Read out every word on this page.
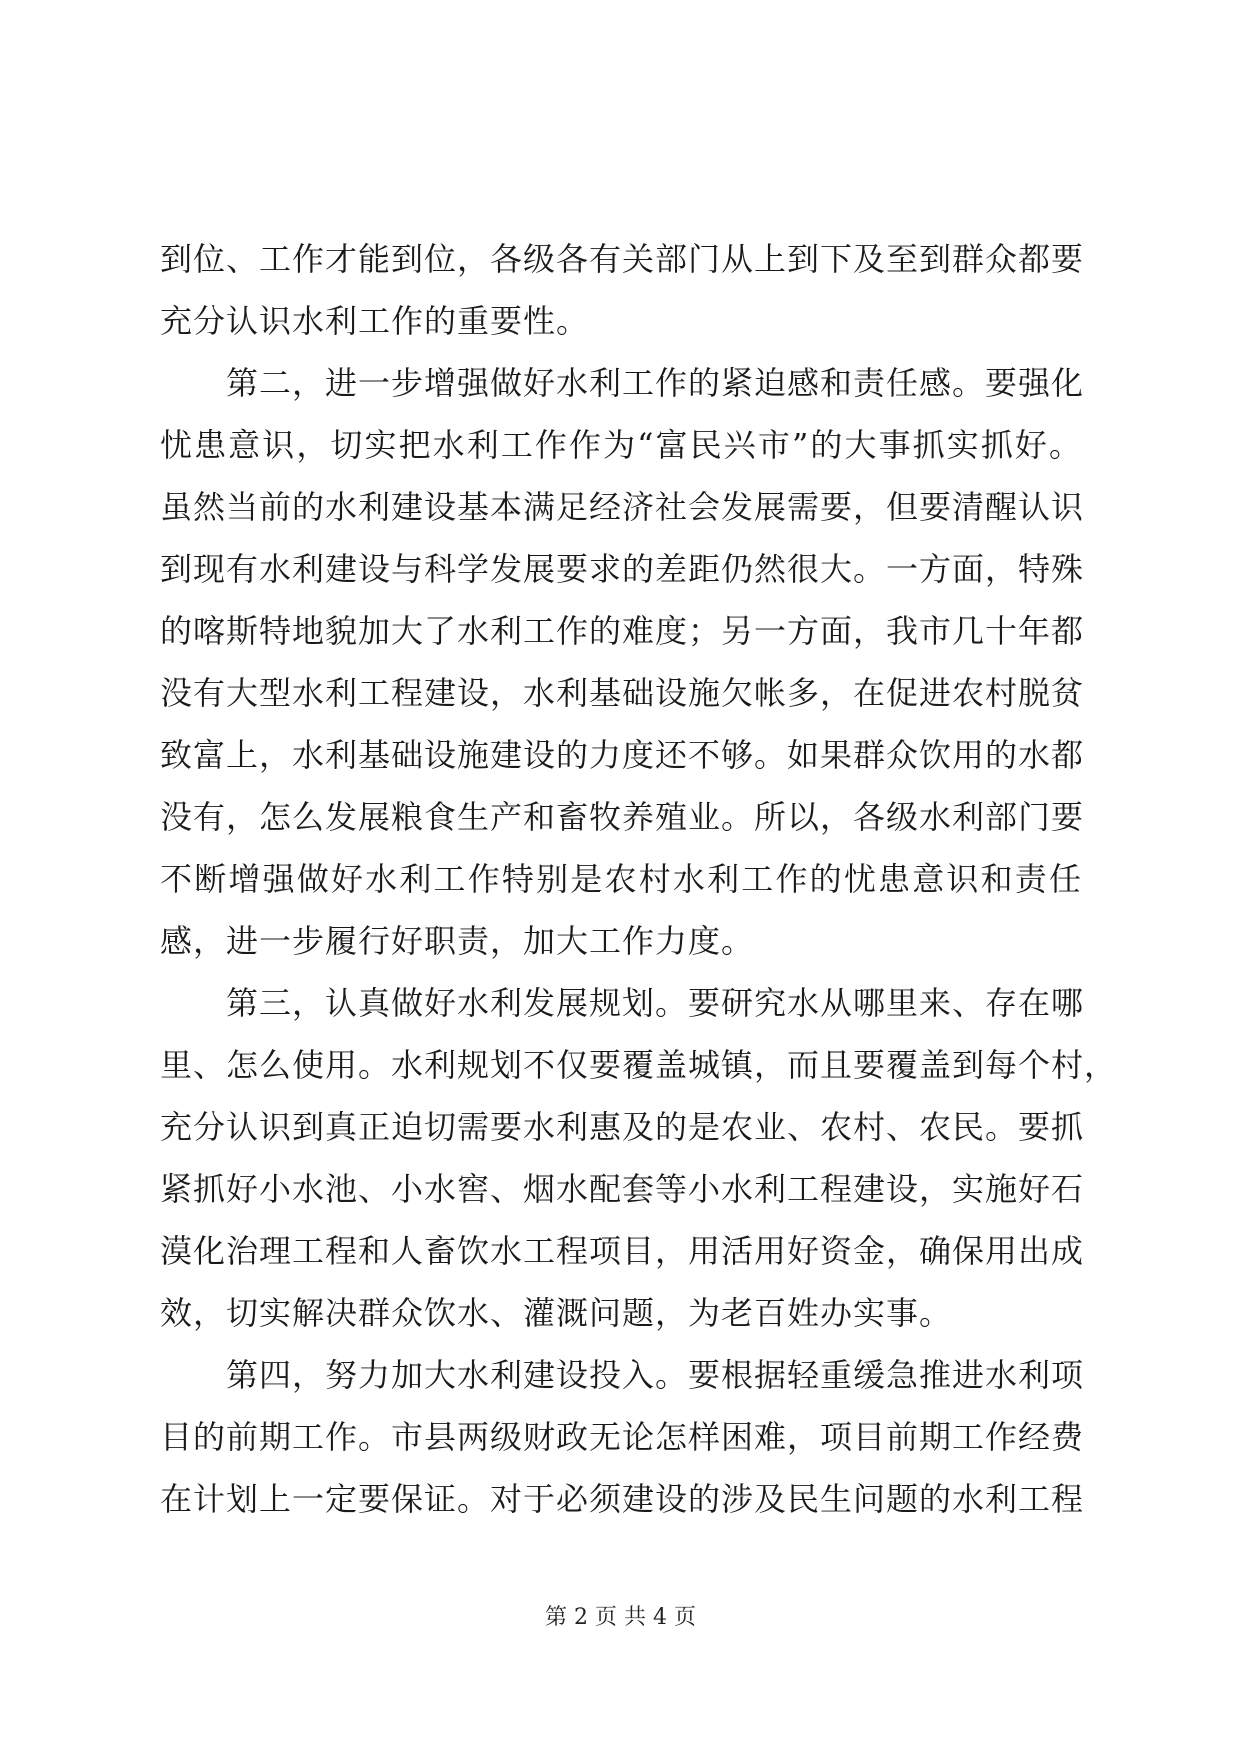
到位、工作才能到位，各级各有关部门从上到下及至到群众都要
充分认识水利工作的重要性。
第二，进一步增强做好水利工作的紧迫感和责任感。要强化
忧患意识，切实把水利工作作为“富民兴市”的大事抓实抓好。
虽然当前的水利建设基本满足经济社会发展需要，但要清醒认识
到现有水利建设与科学发展要求的差距仍然很大。一方面，特殊
的喀斯特地貌加大了水利工作的难度；另一方面，我市几十年都
没有大型水利工程建设，水利基础设施欠帐多，在促进农村脱贫
致富上，水利基础设施建设的力度还不够。如果群众饮用的水都
没有，怎么发展粮食生产和畜牧养殖业。所以，各级水利部门要
不断增强做好水利工作特别是农村水利工作的忧患意识和责任
感，进一步履行好职责，加大工作力度。
第三，认真做好水利发展规划。要研究水从哪里来、存在哪
里、怎么使用。水利规划不仅要覆盖城镇，而且要覆盖到每个村，
充分认识到真正迫切需要水利惠及的是农业、农村、农民。要抓
紧抓好小水池、小水窖、烟水配套等小水利工程建设，实施好石
漠化治理工程和人畜饮水工程项目，用活用好资金，确保用出成
效，切实解决群众饮水、灌溉问题，为老百姓办实事。
第四，努力加大水利建设投入。要根据轻重缓急推进水利项
目的前期工作。市县两级财政无论怎样困难，项目前期工作经费
在计划上一定要保证。对于必须建设的涉及民生问题的水利工程
第 2 页 共 4 页
